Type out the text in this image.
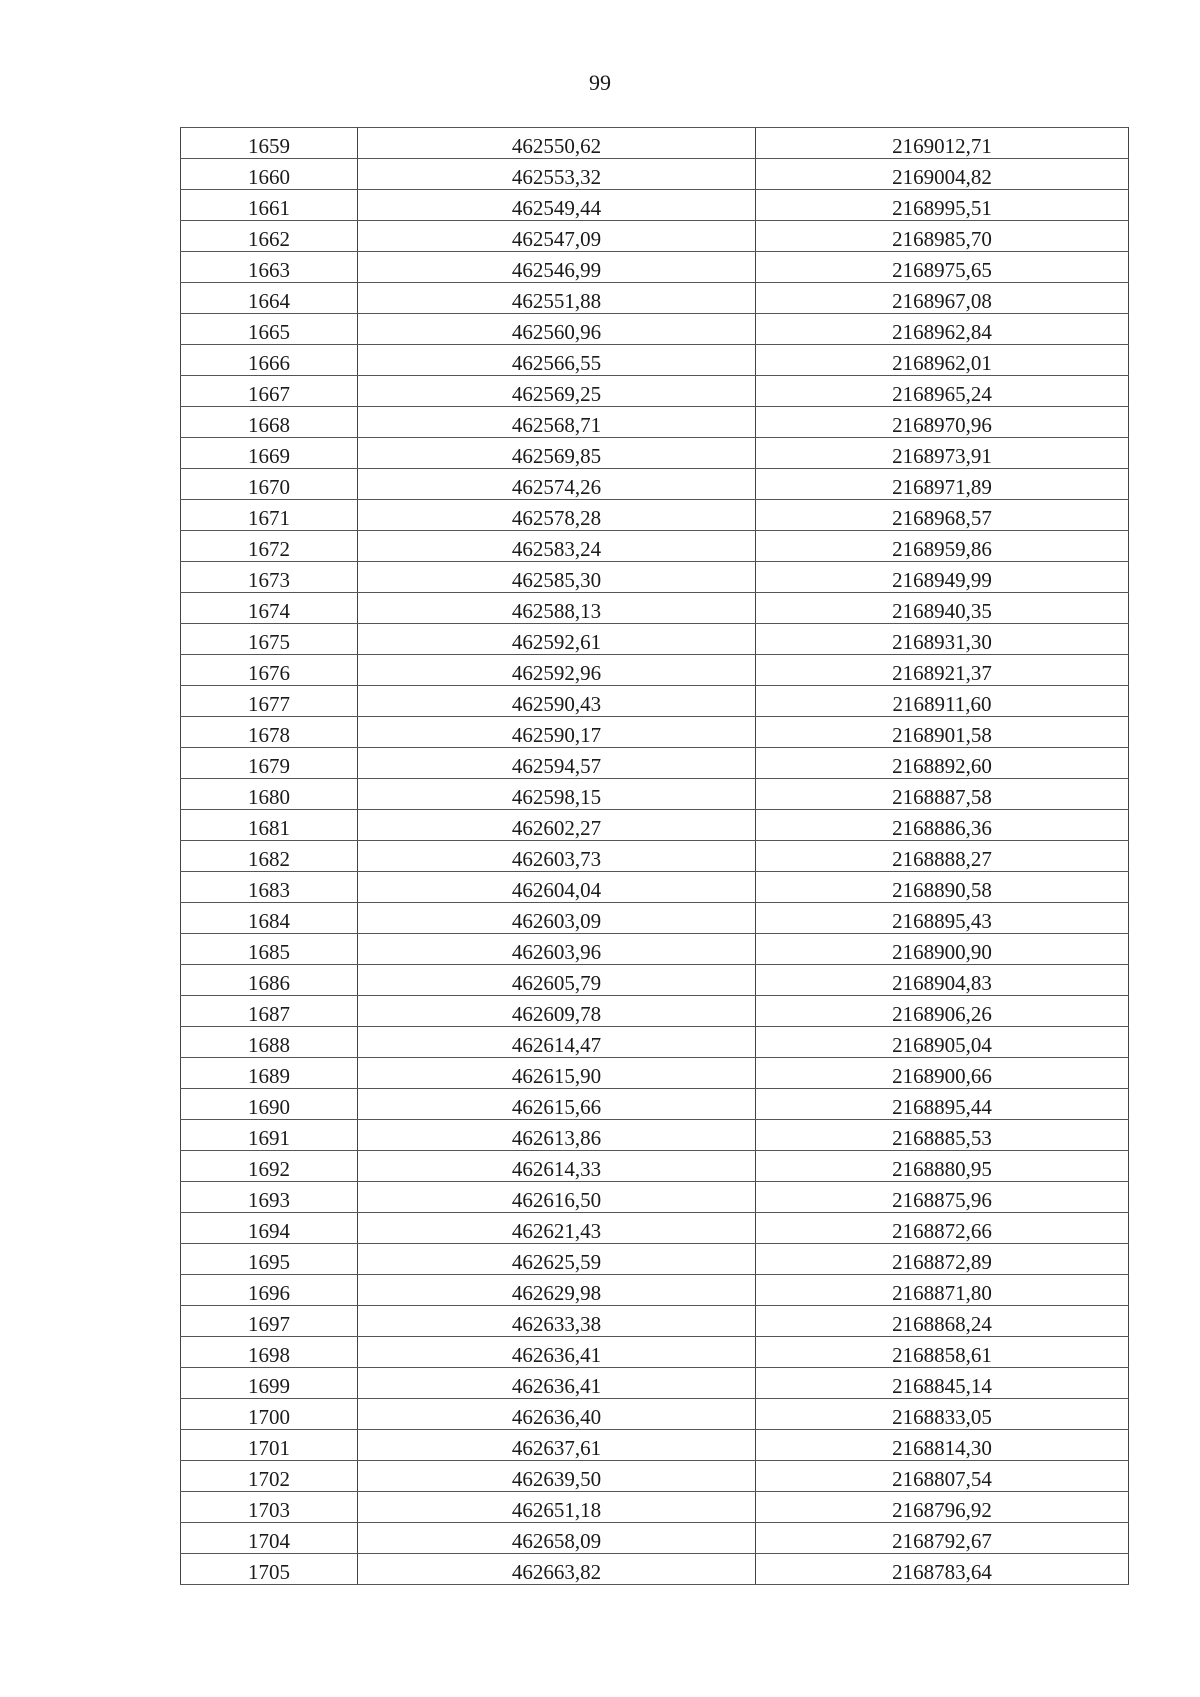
99
1659	462550,62	2169012,71
1660	462553,32	2169004,82
1661	462549,44	2168995,51
1662	462547,09	2168985,70
1663	462546,99	2168975,65
1664	462551,88	2168967,08
1665	462560,96	2168962,84
1666	462566,55	2168962,01
1667	462569,25	2168965,24
1668	462568,71	2168970,96
1669	462569,85	2168973,91
1670	462574,26	2168971,89
1671	462578,28	2168968,57
1672	462583,24	2168959,86
1673	462585,30	2168949,99
1674	462588,13	2168940,35
1675	462592,61	2168931,30
1676	462592,96	2168921,37
1677	462590,43	2168911,60
1678	462590,17	2168901,58
1679	462594,57	2168892,60
1680	462598,15	2168887,58
1681	462602,27	2168886,36
1682	462603,73	2168888,27
1683	462604,04	2168890,58
1684	462603,09	2168895,43
1685	462603,96	2168900,90
1686	462605,79	2168904,83
1687	462609,78	2168906,26
1688	462614,47	2168905,04
1689	462615,90	2168900,66
1690	462615,66	2168895,44
1691	462613,86	2168885,53
1692	462614,33	2168880,95
1693	462616,50	2168875,96
1694	462621,43	2168872,66
1695	462625,59	2168872,89
1696	462629,98	2168871,80
1697	462633,38	2168868,24
1698	462636,41	2168858,61
1699	462636,41	2168845,14
1700	462636,40	2168833,05
1701	462637,61	2168814,30
1702	462639,50	2168807,54
1703	462651,18	2168796,92
1704	462658,09	2168792,67
1705	462663,82	2168783,64
